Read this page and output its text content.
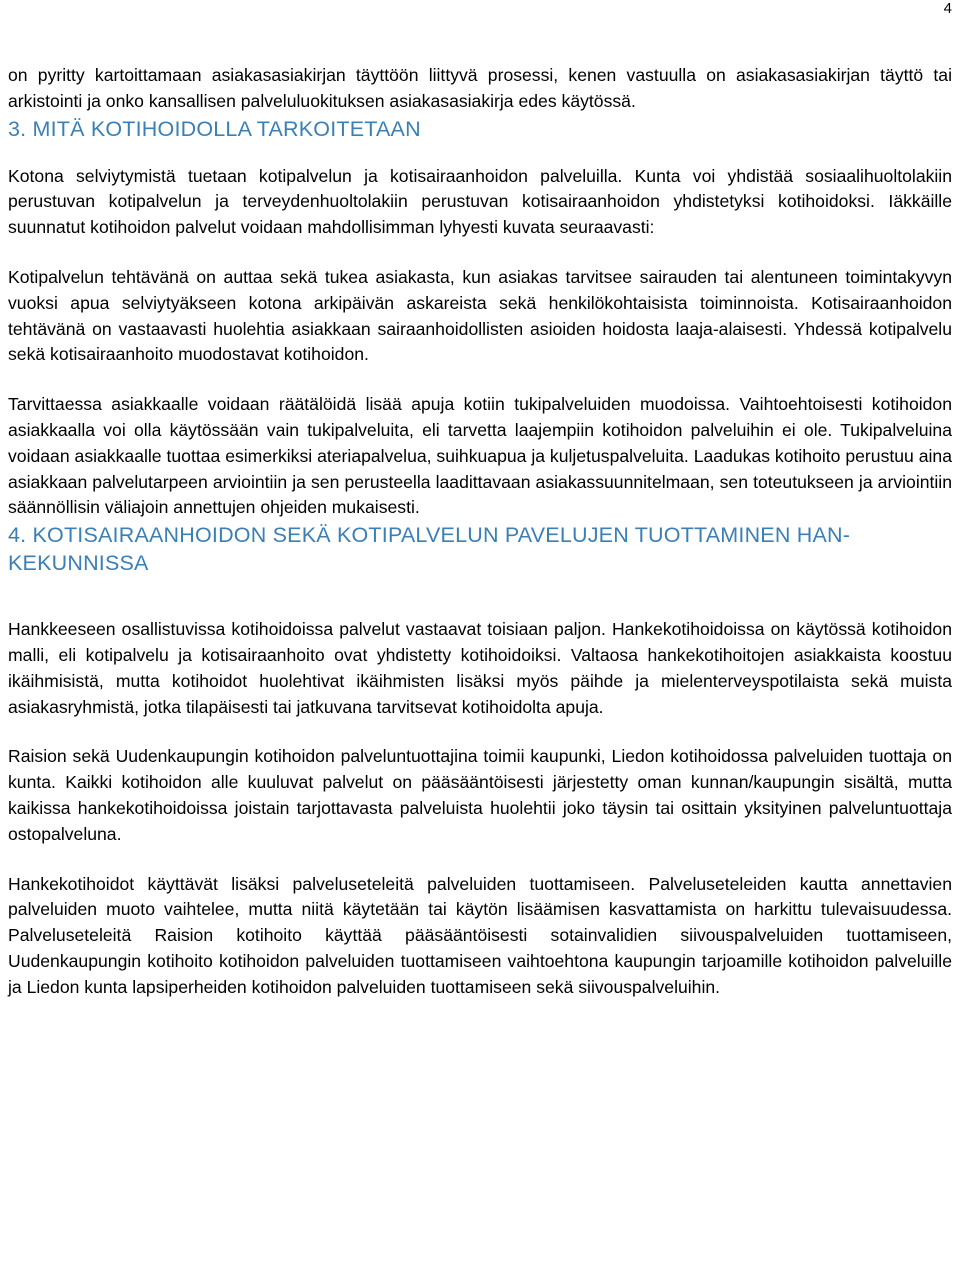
4

on pyritty kartoittamaan asiakasasiakirjan täyttöön liittyvä prosessi, kenen vastuulla on asiakasasiakirjan täyttö tai arkistointi ja onko kansallisen palveluluokituksen asiakasasiakirja edes käytössä.

3. MITÄ KOTIHOIDOLLA TARKOITETAAN

Kotona selviytymistä tuetaan kotipalvelun ja kotisairaanhoidon palveluilla. Kunta voi yhdistää sosiaalihuoltolakiin perustuvan kotipalvelun ja terveydenhuoltolakiin perustuvan kotisairaanhoidon yhdistetyksi kotihoidoksi. Iäkkäille suunnatut kotihoidon palvelut voidaan mahdollisimman lyhyesti kuvata seuraavasti:

Kotipalvelun tehtävänä on auttaa sekä tukea asiakasta, kun asiakas tarvitsee sairauden tai alentuneen toimintakyvyn vuoksi apua selviytyäkseen kotona arkipäivän askareista sekä henkilökohtaisista toiminnoista. Kotisairaanhoidon tehtävänä on vastaavasti huolehtia asiakkaan sairaanhoidollisten asioiden hoidosta laaja-alaisesti. Yhdessä kotipalvelu sekä kotisairaanhoito muodostavat kotihoidon.

Tarvittaessa asiakkaalle voidaan räätälöidä lisää apuja kotiin tukipalveluiden muodoissa. Vaihtoehtoisesti kotihoidon asiakkaalla voi olla käytössään vain tukipalveluita, eli tarvetta laajempiin kotihoidon palveluihin ei ole. Tukipalveluina voidaan asiakkaalle tuottaa esimerkiksi ateriapalvelua, suihkuapua ja kuljetuspalveluita. Laadukas kotihoito perustuu aina asiakkaan palvelutarpeen arviointiin ja sen perusteella laadittavaan asiakassuunnitelmaan, sen toteutukseen ja arviointiin säännöllisin väliajoin annettujen ohjeiden mukaisesti.

4. KOTISAIRAANHOIDON SEKÄ KOTIPALVELUN PAVELUJEN TUOTTAMINEN HANKEKUNNISSA

Hankkeeseen osallistuvissa kotihoidoissa palvelut vastaavat toisiaan paljon. Hankekotihoidoissa on käytössä kotihoidon malli, eli kotipalvelu ja kotisairaanhoito ovat yhdistetty kotihoidoiksi. Valtaosa hankekotihoitojen asiakkaista koostuu ikäihmisistä, mutta kotihoidot huolehtivat ikäihmisten lisäksi myös päihde ja mielenterveyspotilaista sekä muista asiakasryhmistä, jotka tilapäisesti tai jatkuvana tarvitsevat kotihoidolta apuja.

Raision sekä Uudenkaupungin kotihoidon palveluntuottajina toimii kaupunki, Liedon kotihoidossa palveluiden tuottaja on kunta. Kaikki kotihoidon alle kuuluvat palvelut on pääsääntöisesti järjestetty oman kunnan/kaupungin sisältä, mutta kaikissa hankekotihoidoissa joistain tarjottavasta palveluista huolehtii joko täysin tai osittain yksityinen palveluntuottaja ostopalveluna.

Hankekotihoidot käyttävät lisäksi palveluseteleitä palveluiden tuottamiseen. Palveluseteleiden kautta annettavien palveluiden muoto vaihtelee, mutta niitä käytetään tai käytön lisäämisen kasvattamista on harkittu tulevaisuudessa. Palveluseteleitä Raision kotihoito käyttää pääsääntöisesti sotainvalidien siivouspalveluiden tuottamiseen, Uudenkaupungin kotihoito kotihoidon palveluiden tuottamiseen vaihtoehtona kaupungin tarjoamille kotihoidon palveluille ja Liedon kunta lapsiperheiden kotihoidon palveluiden tuottamiseen sekä siivouspalveluihin.
